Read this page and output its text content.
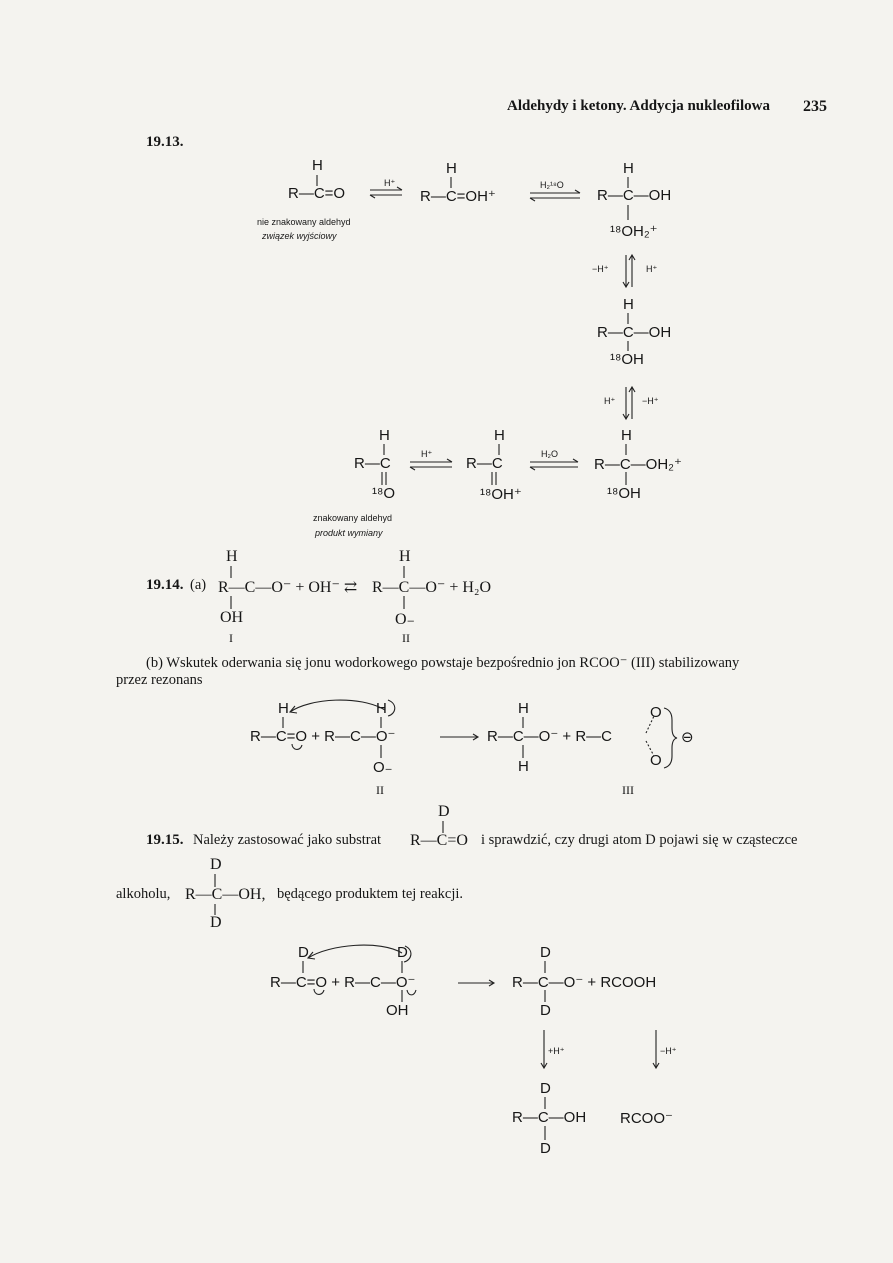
Aldehydy i ketony. Addycja nukleofilowa 235
19.13.
H
R—C=O
H⁺
H
R—C=OH⁺
H₂¹⁸O
H
R—C—OH
¹⁸OH₂⁺
nie znakowany aldehyd
związek wyjściowy
−H⁺	H⁺
H
R—C—OH
¹⁸OH
H⁺	−H⁺
H
R—C
¹⁸O
H⁺
H
R—C
¹⁸OH⁺
H₂O
H
R—C—OH₂⁺
¹⁸OH
znakowany aldehyd
produkt wymiany
19.14. (a)
H
R—C—O⁻ + OH⁻ ⇄
H
R—C—O⁻ + H₂O
OH	O₋
I	II
(b) Wskutek oderwania się jonu wodorkowego powstaje bezpośrednio jon RCOO⁻ (III) stabilizowany
przez rezonans
H	H
R—C=O + R—C—O⁻
O₋
II
H
R—C—O⁻ + R—C
H
O
O
⊖
III
D
19.15. Należy zastosować jako substrat R—C=O i sprawdzić, czy drugi atom D pojawi się w cząsteczce
D
alkoholu, R—C—OH, będącego produktem tej reakcji.
D
D	D
R—C=O + R—C—O⁻
OH
D
R—C—O⁻ + RCOOH
D
+H⁺	−H⁺
D
R—C—OH
D
RCOO⁻
